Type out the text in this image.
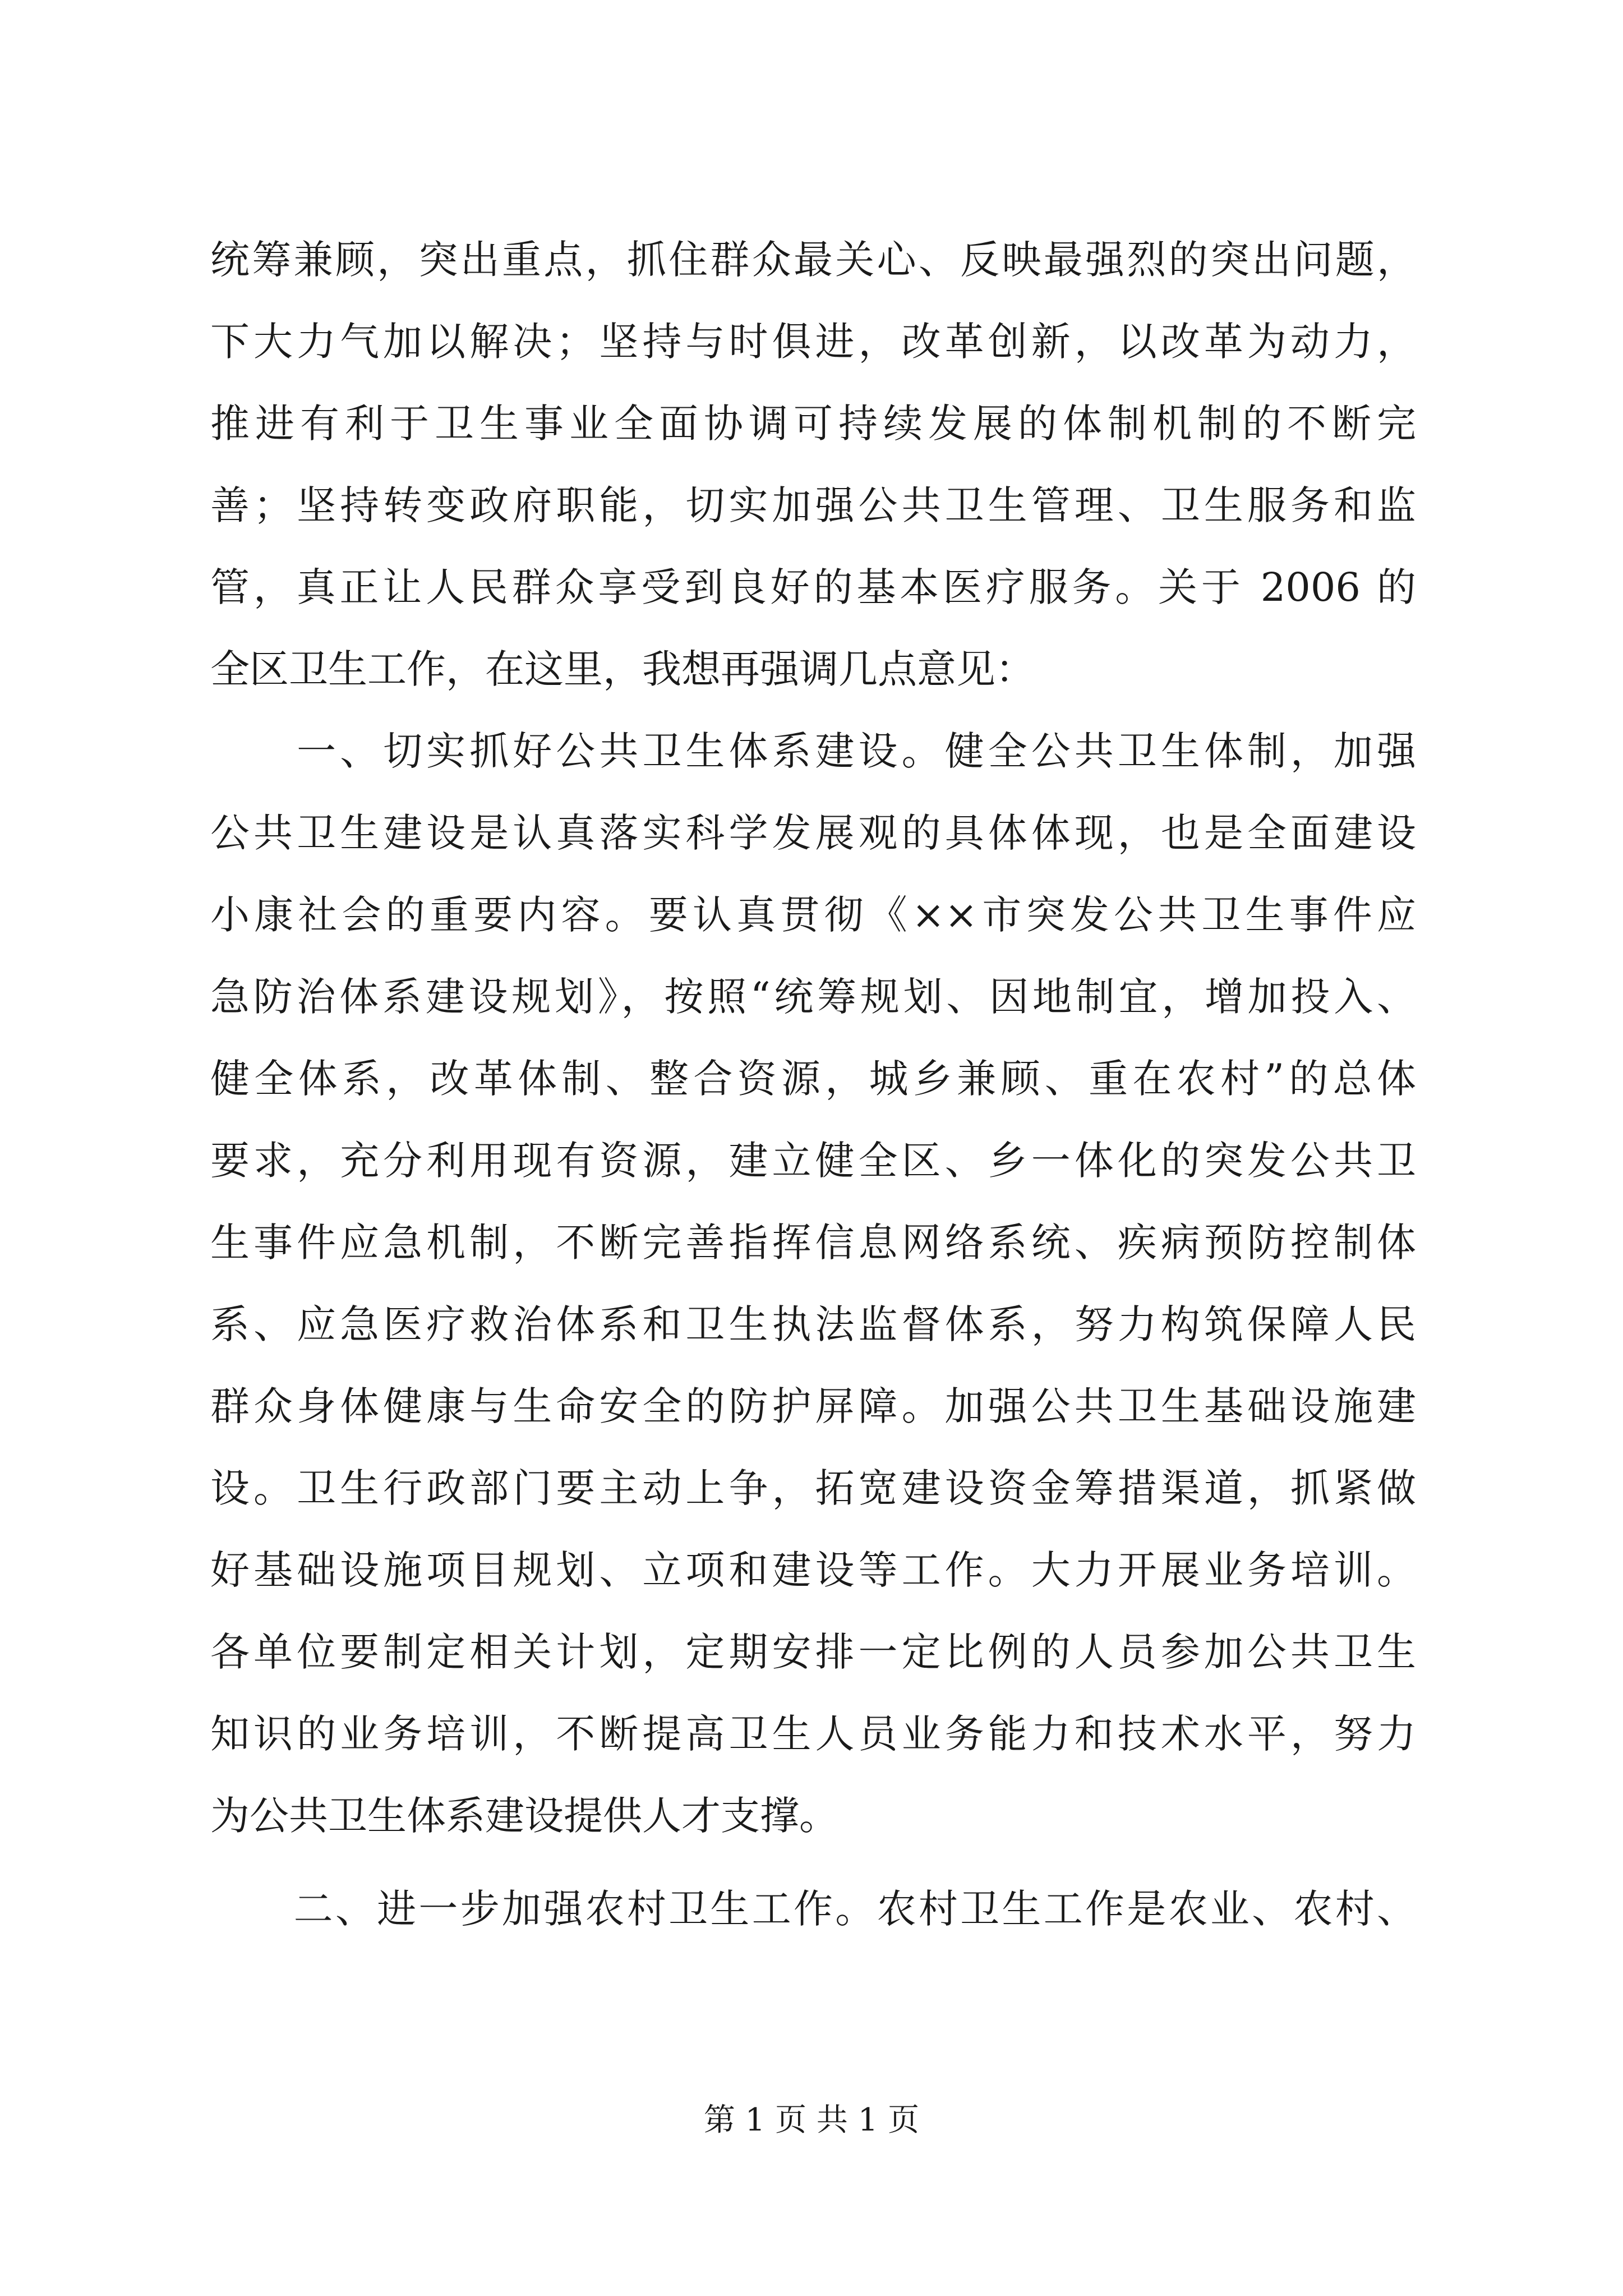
统筹兼顾，突出重点，抓住群众最关心、反映最强烈的突出问题，
下大力气加以解决；坚持与时俱进，改革创新，以改革为动力，
推进有利于卫生事业全面协调可持续发展的体制机制的不断完
善；坚持转变政府职能，切实加强公共卫生管理、卫生服务和监
管，真正让人民群众享受到良好的基本医疗服务。关于 2006 的
全区卫生工作，在这里，我想再强调几点意见：
　　一、切实抓好公共卫生体系建设。健全公共卫生体制，加强
公共卫生建设是认真落实科学发展观的具体体现，也是全面建设
小康社会的重要内容。要认真贯彻《××市突发公共卫生事件应
急防治体系建设规划》，按照“统筹规划、因地制宜，增加投入、
健全体系，改革体制、整合资源，城乡兼顾、重在农村”的总体
要求，充分利用现有资源，建立健全区、乡一体化的突发公共卫
生事件应急机制，不断完善指挥信息网络系统、疾病预防控制体
系、应急医疗救治体系和卫生执法监督体系，努力构筑保障人民
群众身体健康与生命安全的防护屏障。加强公共卫生基础设施建
设。卫生行政部门要主动上争，拓宽建设资金筹措渠道，抓紧做
好基础设施项目规划、立项和建设等工作。大力开展业务培训。
各单位要制定相关计划，定期安排一定比例的人员参加公共卫生
知识的业务培训，不断提高卫生人员业务能力和技术水平，努力
为公共卫生体系建设提供人才支撑。
　　二、进一步加强农村卫生工作。农村卫生工作是农业、农村、
第 1 页 共 1 页
